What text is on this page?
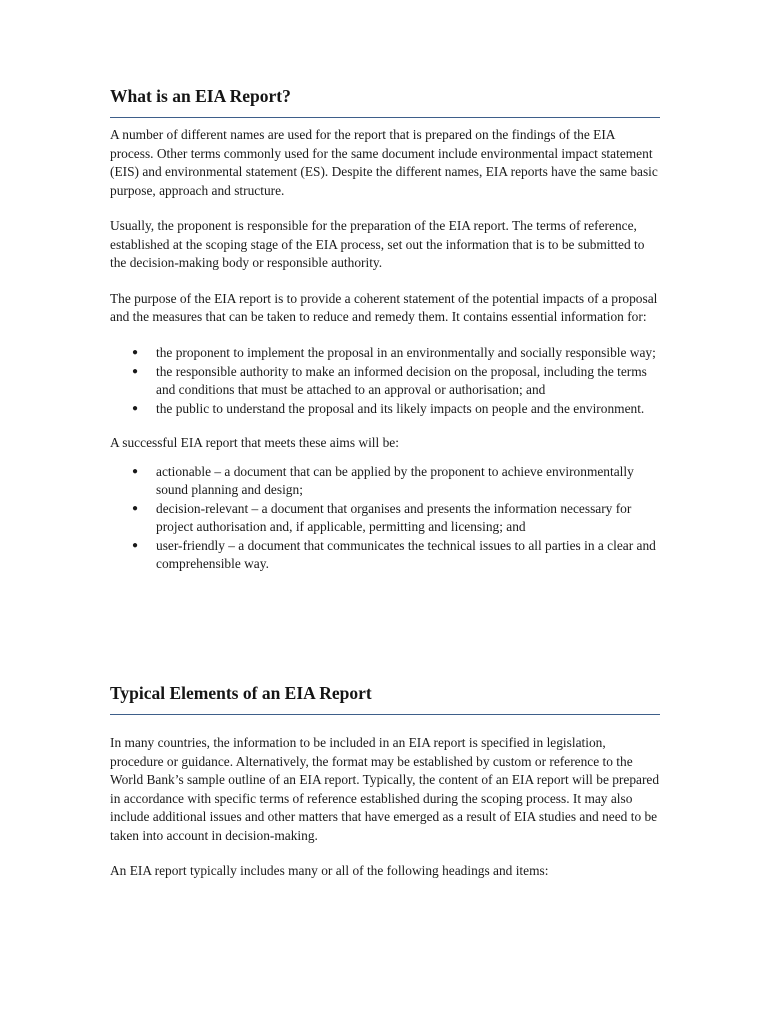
What is an EIA Report?

A number of different names are used for the report that is prepared on the findings of the EIA process. Other terms commonly used for the same document include environmental impact statement (EIS) and environmental statement (ES). Despite the different names, EIA reports have the same basic purpose, approach and structure.

Usually, the proponent is responsible for the preparation of the EIA report. The terms of reference, established at the scoping stage of the EIA process, set out the information that is to be submitted to the decision-making body or responsible authority.

The purpose of the EIA report is to provide a coherent statement of the potential impacts of a proposal and the measures that can be taken to reduce and remedy them. It contains essential information for:

● the proponent to implement the proposal in an environmentally and socially responsible way;
● the responsible authority to make an informed decision on the proposal, including the terms and conditions that must be attached to an approval or authorisation; and
● the public to understand the proposal and its likely impacts on people and the environment.

A successful EIA report that meets these aims will be:

● actionable – a document that can be applied by the proponent to achieve environmentally sound planning and design;
● decision-relevant – a document that organises and presents the information necessary for project authorisation and, if applicable, permitting and licensing; and
● user-friendly – a document that communicates the technical issues to all parties in a clear and comprehensible way.
Typical Elements of an EIA Report

In many countries, the information to be included in an EIA report is specified in legislation, procedure or guidance. Alternatively, the format may be established by custom or reference to the World Bank’s sample outline of an EIA report. Typically, the content of an EIA report will be prepared in accordance with specific terms of reference established during the scoping process. It may also include additional issues and other matters that have emerged as a result of EIA studies and need to be taken into account in decision-making.

An EIA report typically includes many or all of the following headings and items:
